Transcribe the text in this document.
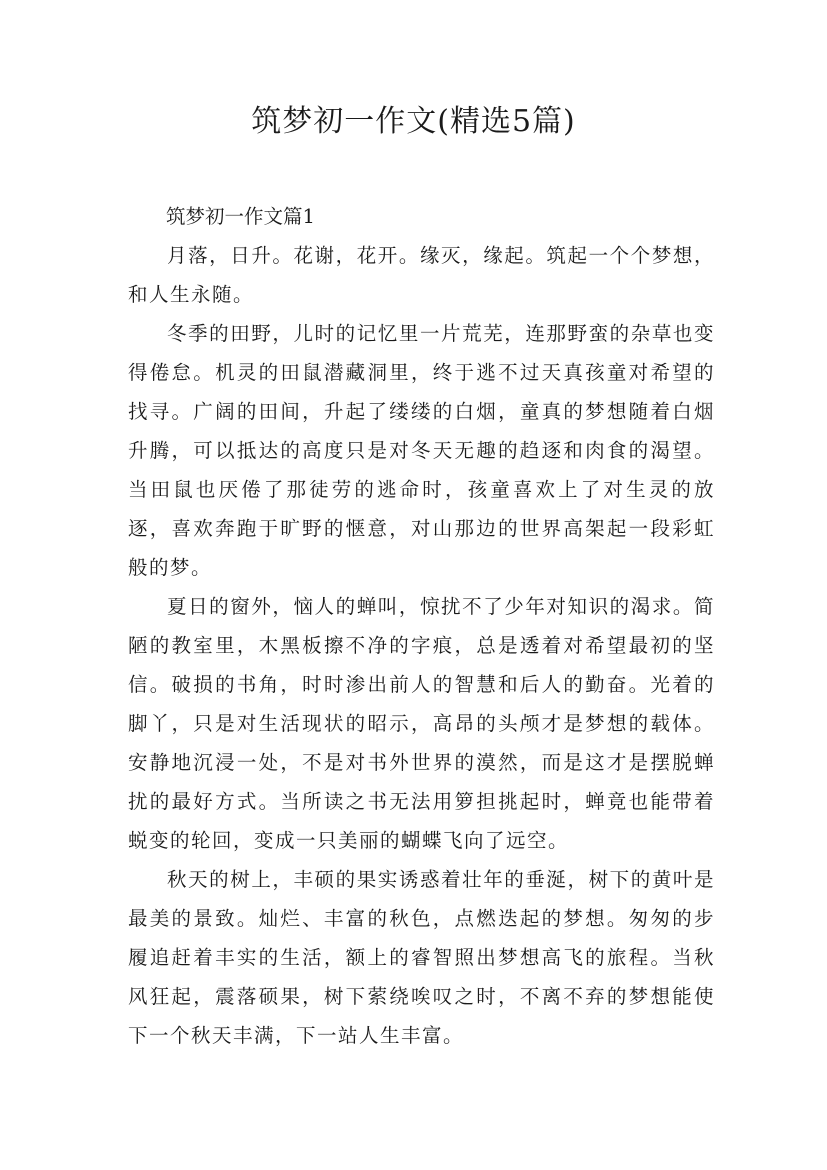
筑梦初一作文(精选5篇)

筑梦初一作文篇1

月落，日升。花谢，花开。缘灭，缘起。筑起一个个梦想，和人生永随。

冬季的田野，儿时的记忆里一片荒芜，连那野蛮的杂草也变得倦怠。机灵的田鼠潜藏洞里，终于逃不过天真孩童对希望的找寻。广阔的田间，升起了缕缕的白烟，童真的梦想随着白烟升腾，可以抵达的高度只是对冬天无趣的趋逐和肉食的渴望。当田鼠也厌倦了那徒劳的逃命时，孩童喜欢上了对生灵的放逐，喜欢奔跑于旷野的惬意，对山那边的世界高架起一段彩虹般的梦。

夏日的窗外，恼人的蝉叫，惊扰不了少年对知识的渴求。简陋的教室里，木黑板擦不净的字痕，总是透着对希望最初的坚信。破损的书角，时时渗出前人的智慧和后人的勤奋。光着的脚丫，只是对生活现状的昭示，高昂的头颅才是梦想的载体。安静地沉浸一处，不是对书外世界的漠然，而是这才是摆脱蝉扰的最好方式。当所读之书无法用箩担挑起时，蝉竟也能带着蜕变的轮回，变成一只美丽的蝴蝶飞向了远空。

秋天的树上，丰硕的果实诱惑着壮年的垂涎，树下的黄叶是最美的景致。灿烂、丰富的秋色，点燃迭起的梦想。匆匆的步履追赶着丰实的生活，额上的睿智照出梦想高飞的旅程。当秋风狂起，震落硕果，树下萦绕唉叹之时，不离不弃的梦想能使下一个秋天丰满，下一站人生丰富。
